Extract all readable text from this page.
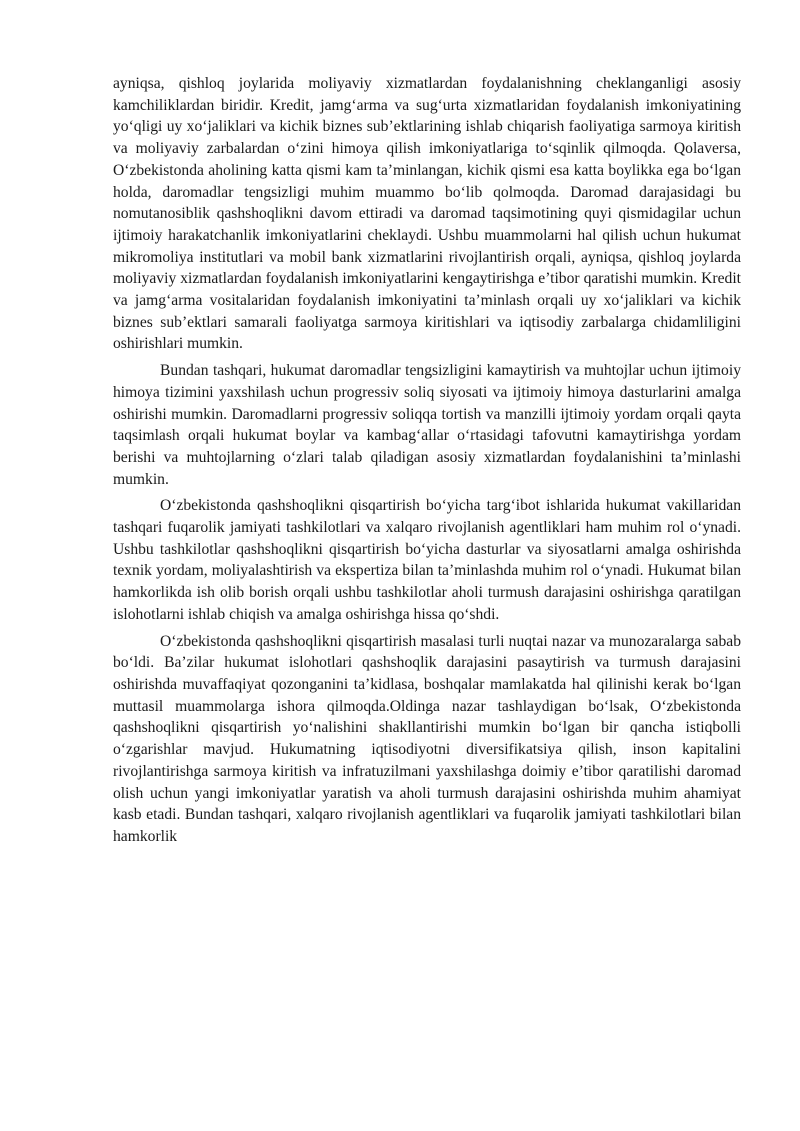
ayniqsa, qishloq joylarida moliyaviy xizmatlardan foydalanishning cheklanganligi asosiy kamchiliklardan biridir. Kredit, jamg‘arma va sug‘urta xizmatlaridan foydalanish imkoniyatining yo‘qligi uy xo‘jaliklari va kichik biznes sub’ektlarining ishlab chiqarish faoliyatiga sarmoya kiritish va moliyaviy zarbalardan o‘zini himoya qilish imkoniyatlariga to‘sqinlik qilmoqda. Qolaversa, O‘zbekistonda aholining katta qismi kam ta’minlangan, kichik qismi esa katta boylikka ega bo‘lgan holda, daromadlar tengsizligi muhim muammo bo‘lib qolmoqda. Daromad darajasidagi bu nomutanosiblik qashshoqlikni davom ettiradi va daromad taqsimotining quyi qismidagilar uchun ijtimoiy harakatchanlik imkoniyatlarini cheklaydi. Ushbu muammolarni hal qilish uchun hukumat mikromoliya institutlari va mobil bank xizmatlarini rivojlantirish orqali, ayniqsa, qishloq joylarda moliyaviy xizmatlardan foydalanish imkoniyatlarini kengaytirishga e’tibor qaratishi mumkin. Kredit va jamg‘arma vositalaridan foydalanish imkoniyatini ta’minlash orqali uy xo‘jaliklari va kichik biznes sub’ektlari samarali faoliyatga sarmoya kiritishlari va iqtisodiy zarbalarga chidamliligini oshirishlari mumkin.

Bundan tashqari, hukumat daromadlar tengsizligini kamaytirish va muhtojlar uchun ijtimoiy himoya tizimini yaxshilash uchun progressiv soliq siyosati va ijtimoiy himoya dasturlarini amalga oshirishi mumkin. Daromadlarni progressiv soliqqa tortish va manzilli ijtimoiy yordam orqali qayta taqsimlash orqali hukumat boylar va kambag‘allar o‘rtasidagi tafovutni kamaytirishga yordam berishi va muhtojlarning o‘zlari talab qiladigan asosiy xizmatlardan foydalanishini ta’minlashi mumkin.

O‘zbekistonda qashshoqlikni qisqartirish bo‘yicha targ‘ibot ishlarida hukumat vakillaridan tashqari fuqarolik jamiyati tashkilotlari va xalqaro rivojlanish agentliklari ham muhim rol o‘ynadi. Ushbu tashkilotlar qashshoqlikni qisqartirish bo‘yicha dasturlar va siyosatlarni amalga oshirishda texnik yordam, moliyalashtirish va ekspertiza bilan ta’minlashda muhim rol o‘ynadi. Hukumat bilan hamkorlikda ish olib borish orqali ushbu tashkilotlar aholi turmush darajasini oshirishga qaratilgan islohotlarni ishlab chiqish va amalga oshirishga hissa qo‘shdi.

O‘zbekistonda qashshoqlikni qisqartirish masalasi turli nuqtai nazar va munozaralarga sabab bo‘ldi. Ba’zilar hukumat islohotlari qashshoqlik darajasini pasaytirish va turmush darajasini oshirishda muvaffaqiyat qozonganini ta’kidlasa, boshqalar mamlakatda hal qilinishi kerak bo‘lgan muttasil muammolarga ishora qilmoqda.Oldinga nazar tashlaydigan bo‘lsak, O‘zbekistonda qashshoqlikni qisqartirish yo‘nalishini shakllantirishi mumkin bo‘lgan bir qancha istiqbolli o‘zgarishlar mavjud. Hukumatning iqtisodiyotni diversifikatsiya qilish, inson kapitalini rivojlantirishga sarmoya kiritish va infratuzilmani yaxshilashga doimiy e’tibor qaratilishi daromad olish uchun yangi imkoniyatlar yaratish va aholi turmush darajasini oshirishda muhim ahamiyat kasb etadi. Bundan tashqari, xalqaro rivojlanish agentliklari va fuqarolik jamiyati tashkilotlari bilan hamkorlik
